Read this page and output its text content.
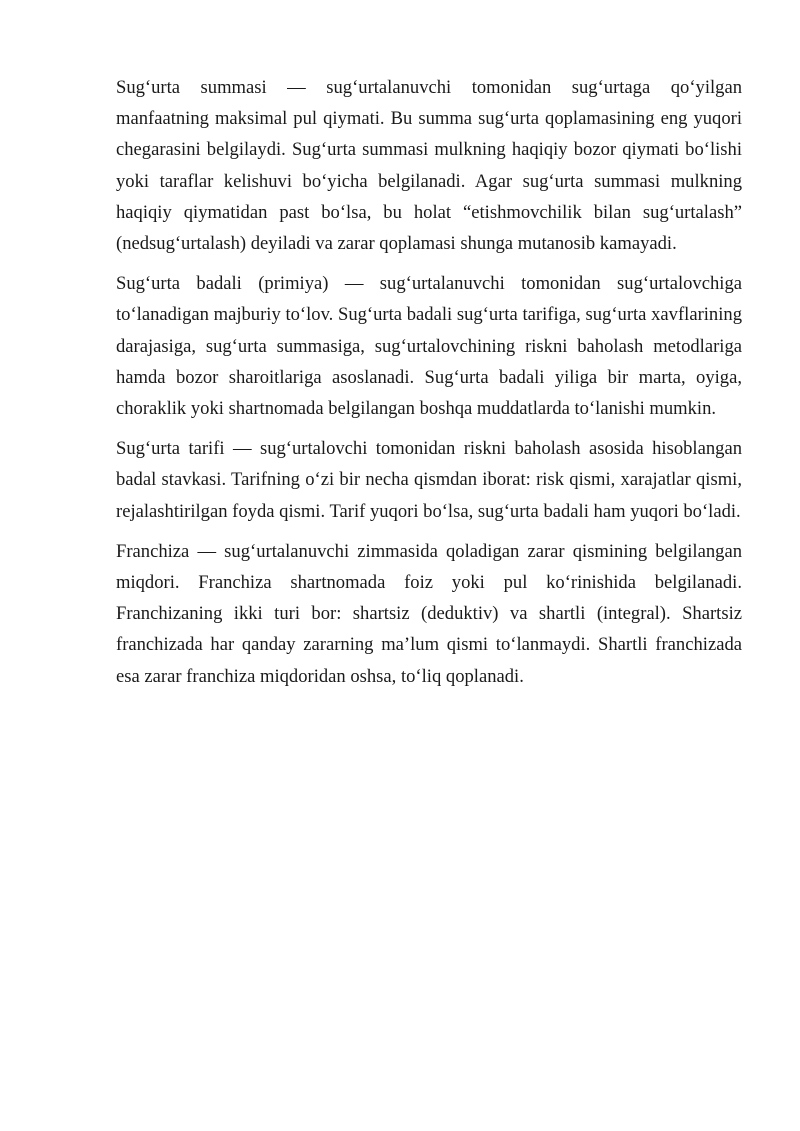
Sug‘urta summasi — sug‘urtalanuvchi tomonidan sug‘urtaga qo‘yilgan manfaatning maksimal pul qiymati. Bu summa sug‘urta qoplamasining eng yuqori chegarasini belgilaydi. Sug‘urta summasi mulkning haqiqiy bozor qiymati bo‘lishi yoki taraflar kelishuvi bo‘yicha belgilanadi. Agar sug‘urta summasi mulkning haqiqiy qiymatidan past bo‘lsa, bu holat “etishmovchilik bilan sug‘urtalash” (nedsug‘urtalash) deyiladi va zarar qoplamasi shunga mutanosib kamayadi.

Sug‘urta badali (primiya) — sug‘urtalanuvchi tomonidan sug‘urtalovchiga to‘lanadigan majburiy to‘lov. Sug‘urta badali sug‘urta tarifiga, sug‘urta xavflarining darajasiga, sug‘urta summasiga, sug‘urtalovchining riskni baholash metodlariga hamda bozor sharoitlariga asoslanadi. Sug‘urta badali yiliga bir marta, oyiga, choraklik yoki shartnomada belgilangan boshqa muddatlarda to‘lanishi mumkin.

Sug‘urta tarifi — sug‘urtalovchi tomonidan riskni baholash asosida hisoblangan badal stavkasi. Tarifning o‘zi bir necha qismdan iborat: risk qismi, xarajatlar qismi, rejalashtirilgan foyda qismi. Tarif yuqori bo‘lsa, sug‘urta badali ham yuqori bo‘ladi.

Franchiza — sug‘urtalanuvchi zimmasida qoladigan zarar qismining belgilangan miqdori. Franchiza shartnomada foiz yoki pul ko‘rinishida belgilanadi. Franchizaning ikki turi bor: shartsiz (deduktiv) va shartli (integral). Shartsiz franchizada har qanday zararning ma’lum qismi to‘lanmaydi. Shartli franchizada esa zarar franchiza miqdoridan oshsa, to‘liq qoplanadi.
